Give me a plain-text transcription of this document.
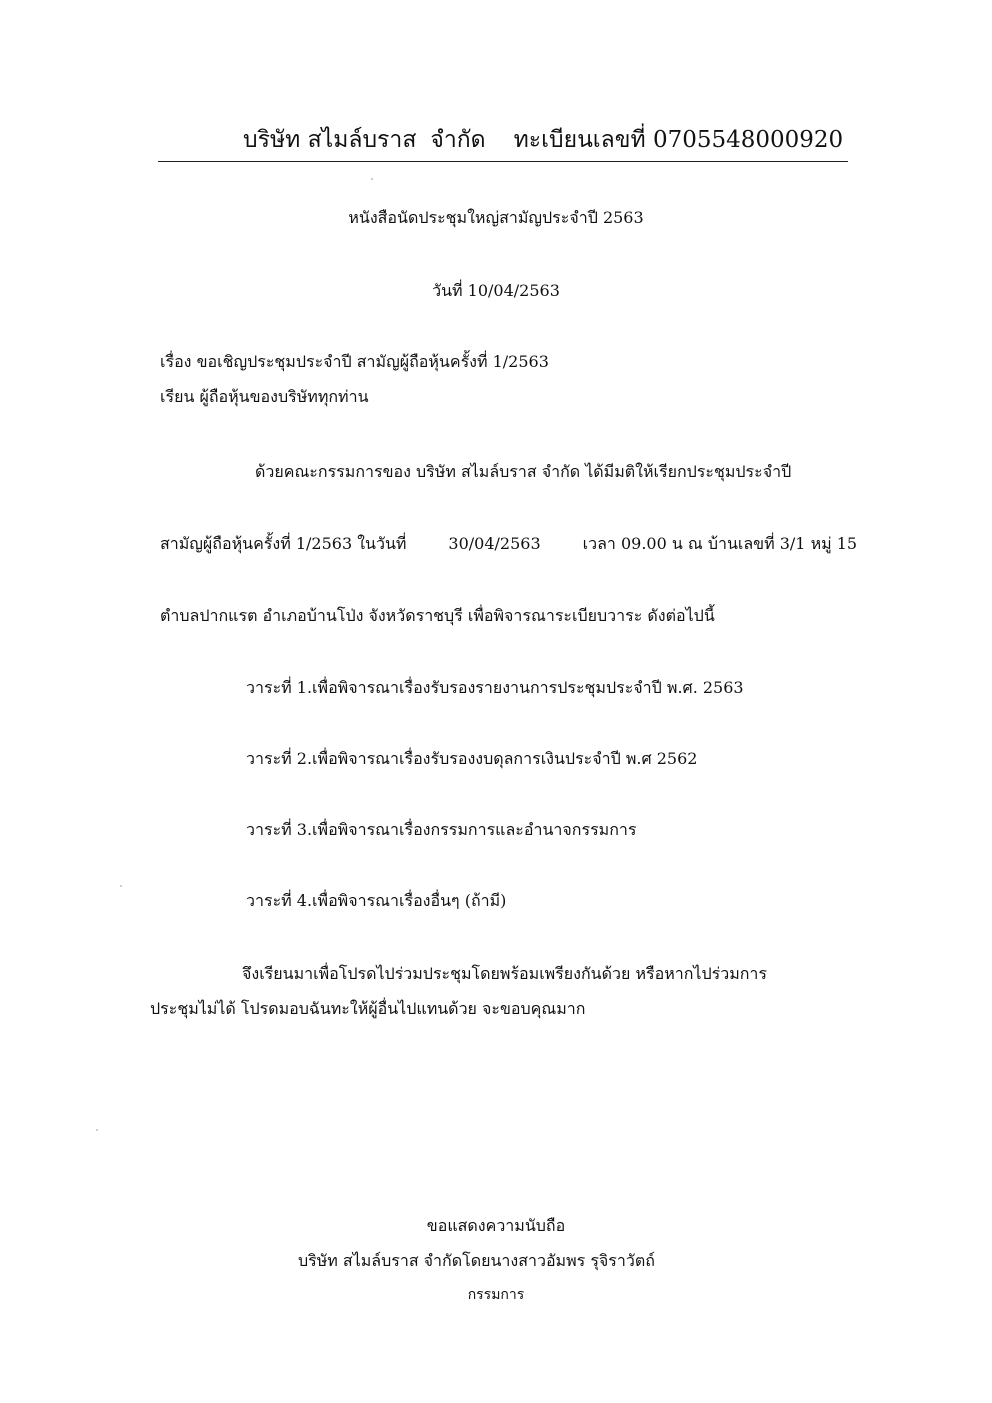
บริษัท สไมล์บราส จำกัด ทะเบียนเลขที่ 0705548000920
หนังสือนัดประชุมใหญ่สามัญประจำปี 2563
วันที่ 10/04/2563
เรื่อง ขอเชิญประชุมประจำปี สามัญผู้ถือหุ้นครั้งที่ 1/2563
เรียน ผู้ถือหุ้นของบริษัททุกท่าน
ด้วยคณะกรรมการของ บริษัท สไมล์บราส จำกัด ได้มีมติให้เรียกประชุมประจำปี
สามัญผู้ถือหุ้นครั้งที่ 1/2563 ในวันที่	30/04/2563	เวลา 09.00 น ณ บ้านเลขที่ 3/1 หมู่ 15
ตำบลปากแรต อำเภอบ้านโป่ง จังหวัดราชบุรี เพื่อพิจารณาระเบียบวาระ ดังต่อไปนี้
วาระที่ 1.เพื่อพิจารณาเรื่องรับรองรายงานการประชุมประจำปี พ.ศ. 2563
วาระที่ 2.เพื่อพิจารณาเรื่องรับรองงบดุลการเงินประจำปี พ.ศ 2562
วาระที่ 3.เพื่อพิจารณาเรื่องกรรมการและอำนาจกรรมการ
วาระที่ 4.เพื่อพิจารณาเรื่องอื่นๆ (ถ้ามี)
จึงเรียนมาเพื่อโปรดไปร่วมประชุมโดยพร้อมเพรียงกันด้วย หรือหากไปร่วมการ
ประชุมไม่ได้ โปรดมอบฉันทะให้ผู้อื่นไปแทนด้วย จะขอบคุณมาก
ขอแสดงความนับถือ
บริษัท สไมล์บราส จำกัดโดยนางสาวอัมพร รุจิราวัตถ์
กรรมการ
